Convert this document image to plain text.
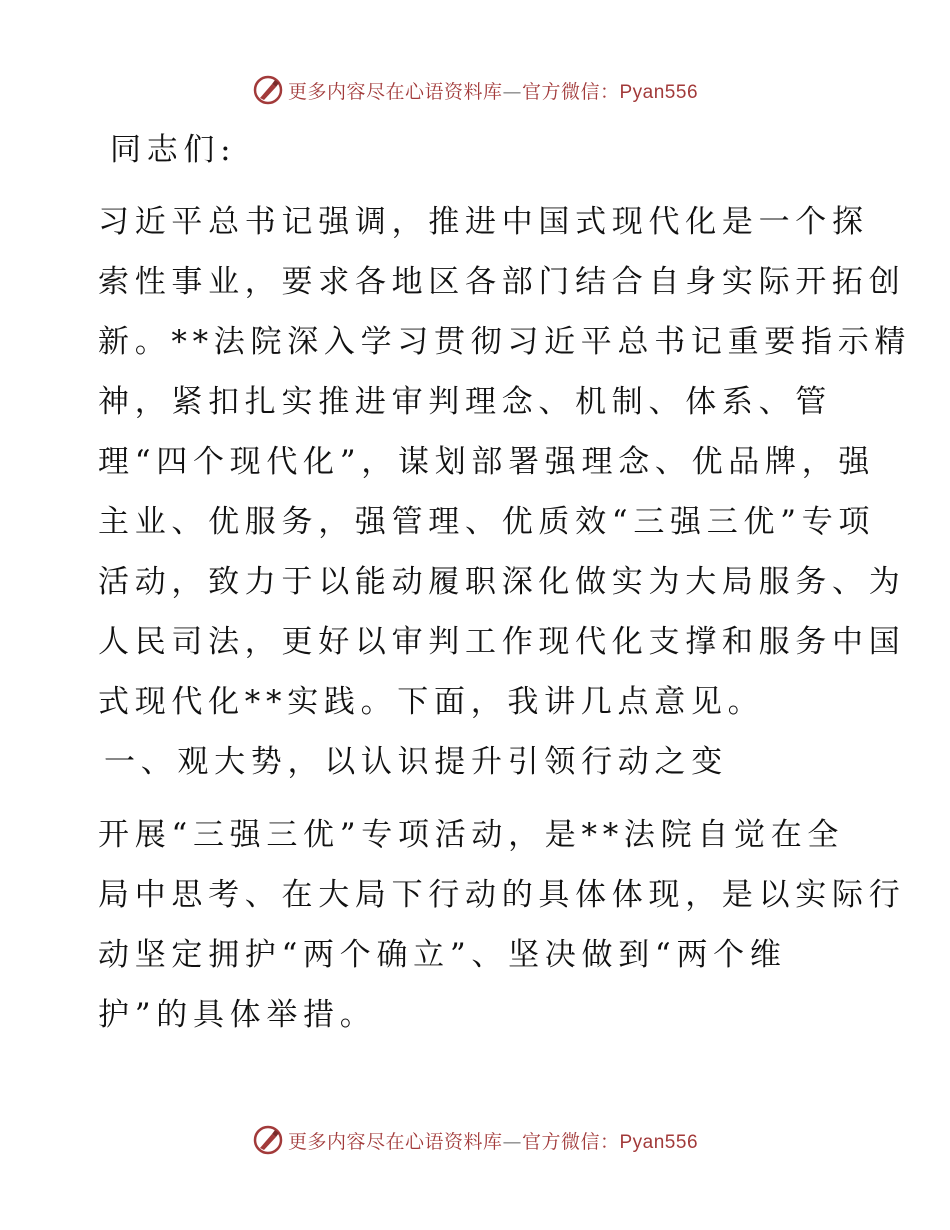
更多内容尽在心语资料库—官方微信：Pyan556
同志们:
习近平总书记强调，推进中国式现代化是一个探
索性事业，要求各地区各部门结合自身实际开拓创
新。**法院深入学习贯彻习近平总书记重要指示精
神，紧扣扎实推进审判理念、机制、体系、管
理“四个现代化”，谋划部署强理念、优品牌，强
主业、优服务，强管理、优质效“三强三优”专项
活动，致力于以能动履职深化做实为大局服务、为
人民司法，更好以审判工作现代化支撑和服务中国
式现代化**实践。下面，我讲几点意见。
一、观大势，以认识提升引领行动之变
开展“三强三优”专项活动，是**法院自觉在全
局中思考、在大局下行动的具体体现，是以实际行
动坚定拥护“两个确立”、坚决做到“两个维
护”的具体举措。
更多内容尽在心语资料库—官方微信：Pyan556
